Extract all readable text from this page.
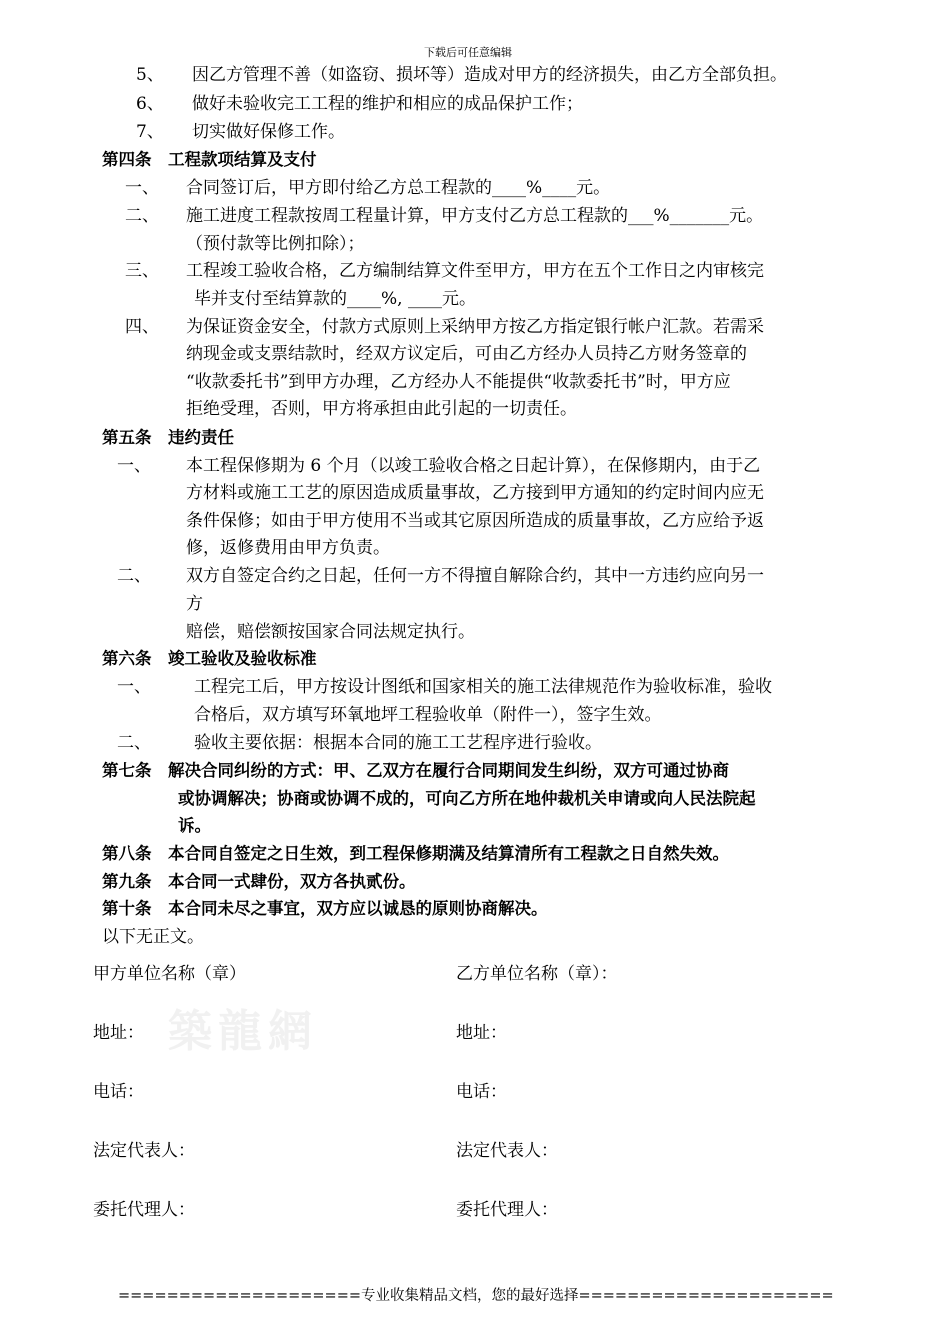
築龍網
下载后可任意编辑
5、 因乙方管理不善（如盗窃、损坏等）造成对甲方的经济损失，由乙方全部负担。
6、 做好未验收完工工程的维护和相应的成品保护工作；
7、 切实做好保修工作。
第四条　工程款项结算及支付
一、 合同签订后，甲方即付给乙方总工程款的____%____元。
二、 施工进度工程款按周工程量计算，甲方支付乙方总工程款的___%_______元。
（预付款等比例扣除）；
三、 工程竣工验收合格，乙方编制结算文件至甲方，甲方在五个工作日之内审核完
毕并支付至结算款的____%, ____元。
四、 为保证资金安全，付款方式原则上采纳甲方按乙方指定银行帐户汇款。若需采
纳现金或支票结款时，经双方议定后，可由乙方经办人员持乙方财务签章的
“收款委托书”到甲方办理，乙方经办人不能提供“收款委托书”时，甲方应
拒绝受理，否则，甲方将承担由此引起的一切责任。
第五条　违约责任
一、 本工程保修期为 6 个月（以竣工验收合格之日起计算），在保修期内，由于乙
方材料或施工工艺的原因造成质量事故，乙方接到甲方通知的约定时间内应无
条件保修；如由于甲方使用不当或其它原因所造成的质量事故，乙方应给予返
修，返修费用由甲方负责。
二、 双方自签定合约之日起，任何一方不得擅自解除合约，其中一方违约应向另一
方
赔偿，赔偿额按国家合同法规定执行。
第六条　竣工验收及验收标准
一、	工程完工后，甲方按设计图纸和国家相关的施工法律规范作为验收标准，验收
合格后，双方填写环氧地坪工程验收单（附件一），签字生效。
二、	验收主要依据：根据本合同的施工工艺程序进行验收。
第七条　解决合同纠纷的方式：甲、乙双方在履行合同期间发生纠纷，双方可通过协商
或协调解决；协商或协调不成的，可向乙方所在地仲裁机关申请或向人民法院起
诉。
第八条　本合同自签定之日生效，到工程保修期满及结算清所有工程款之日自然失效。
第九条　本合同一式肆份，双方各执贰份。
第十条　本合同未尽之事宜，双方应以诚恳的原则协商解决。
以下无正文。
甲方单位名称（章）	乙方单位名称（章）：
地址：	地址：
电话：	电话：
法定代表人：	法定代表人：
委托代理人：	委托代理人：
====================专业收集精品文档，您的最好选择=====================
